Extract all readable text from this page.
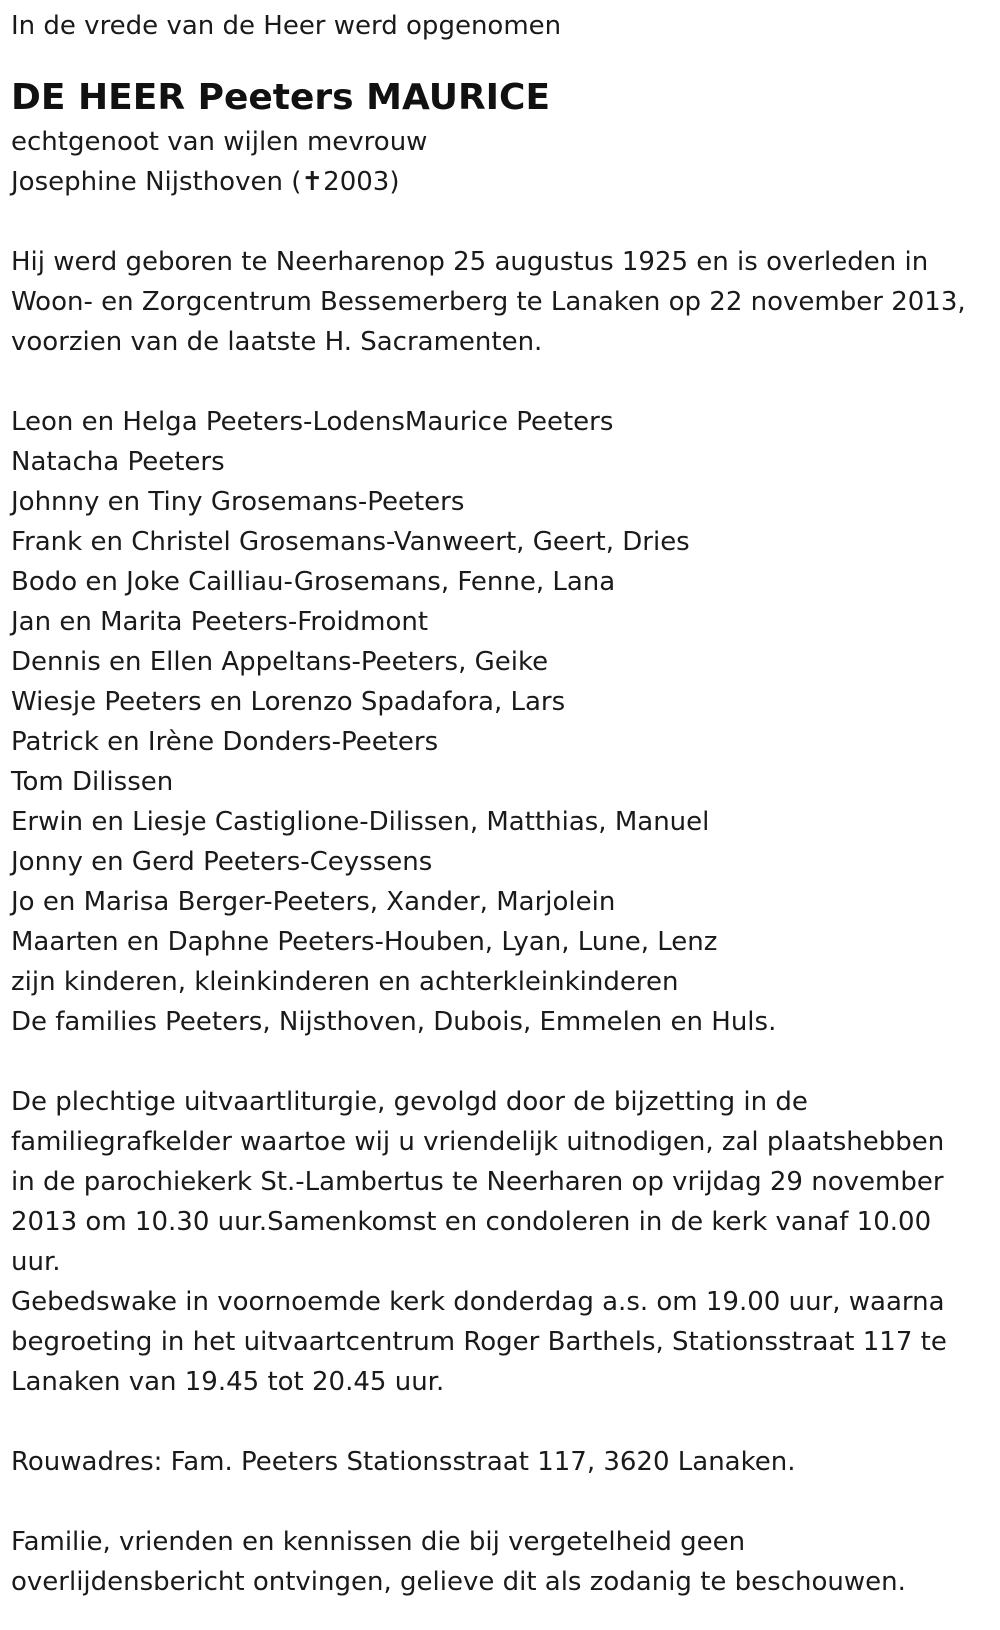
In de vrede van de Heer werd opgenomen

DE HEER Peeters MAURICE

echtgenoot van wijlen mevrouw

Josephine Nijsthoven (✝2003)

Hij werd geboren te Neerharenop 25 augustus 1925 en is overleden in

Woon- en Zorgcentrum Bessemerberg te Lanaken op 22 november 2013,

voorzien van de laatste H. Sacramenten.

Leon en Helga Peeters-LodensMaurice Peeters

Natacha Peeters

Johnny en Tiny Grosemans-Peeters

Frank en Christel Grosemans-Vanweert, Geert, Dries

Bodo en Joke Cailliau-Grosemans, Fenne, Lana

Jan en Marita Peeters-Froidmont

Dennis en Ellen Appeltans-Peeters, Geike

Wiesje Peeters en Lorenzo Spadafora, Lars

Patrick en Irène Donders-Peeters

Tom Dilissen

Erwin en Liesje Castiglione-Dilissen, Matthias, Manuel

Jonny en Gerd Peeters-Ceyssens

Jo en Marisa Berger-Peeters, Xander, Marjolein

Maarten en Daphne Peeters-Houben, Lyan, Lune, Lenz

zijn kinderen, kleinkinderen en achterkleinkinderen

De families Peeters, Nijsthoven, Dubois, Emmelen en Huls.

De plechtige uitvaartliturgie, gevolgd door de bijzetting in de

familiegrafkelder waartoe wij u vriendelijk uitnodigen, zal plaatshebben

in de parochiekerk St.-Lambertus te Neerharen op vrijdag 29 november

2013 om 10.30 uur.Samenkomst en condoleren in de kerk vanaf 10.00

uur.

Gebedswake in voornoemde kerk donderdag a.s. om 19.00 uur, waarna

begroeting in het uitvaartcentrum Roger Barthels, Stationsstraat 117 te

Lanaken van 19.45 tot 20.45 uur.

Rouwadres: Fam. Peeters Stationsstraat 117, 3620 Lanaken.

Familie, vrienden en kennissen die bij vergetelheid geen

overlijdensbericht ontvingen, gelieve dit als zodanig te beschouwen.
